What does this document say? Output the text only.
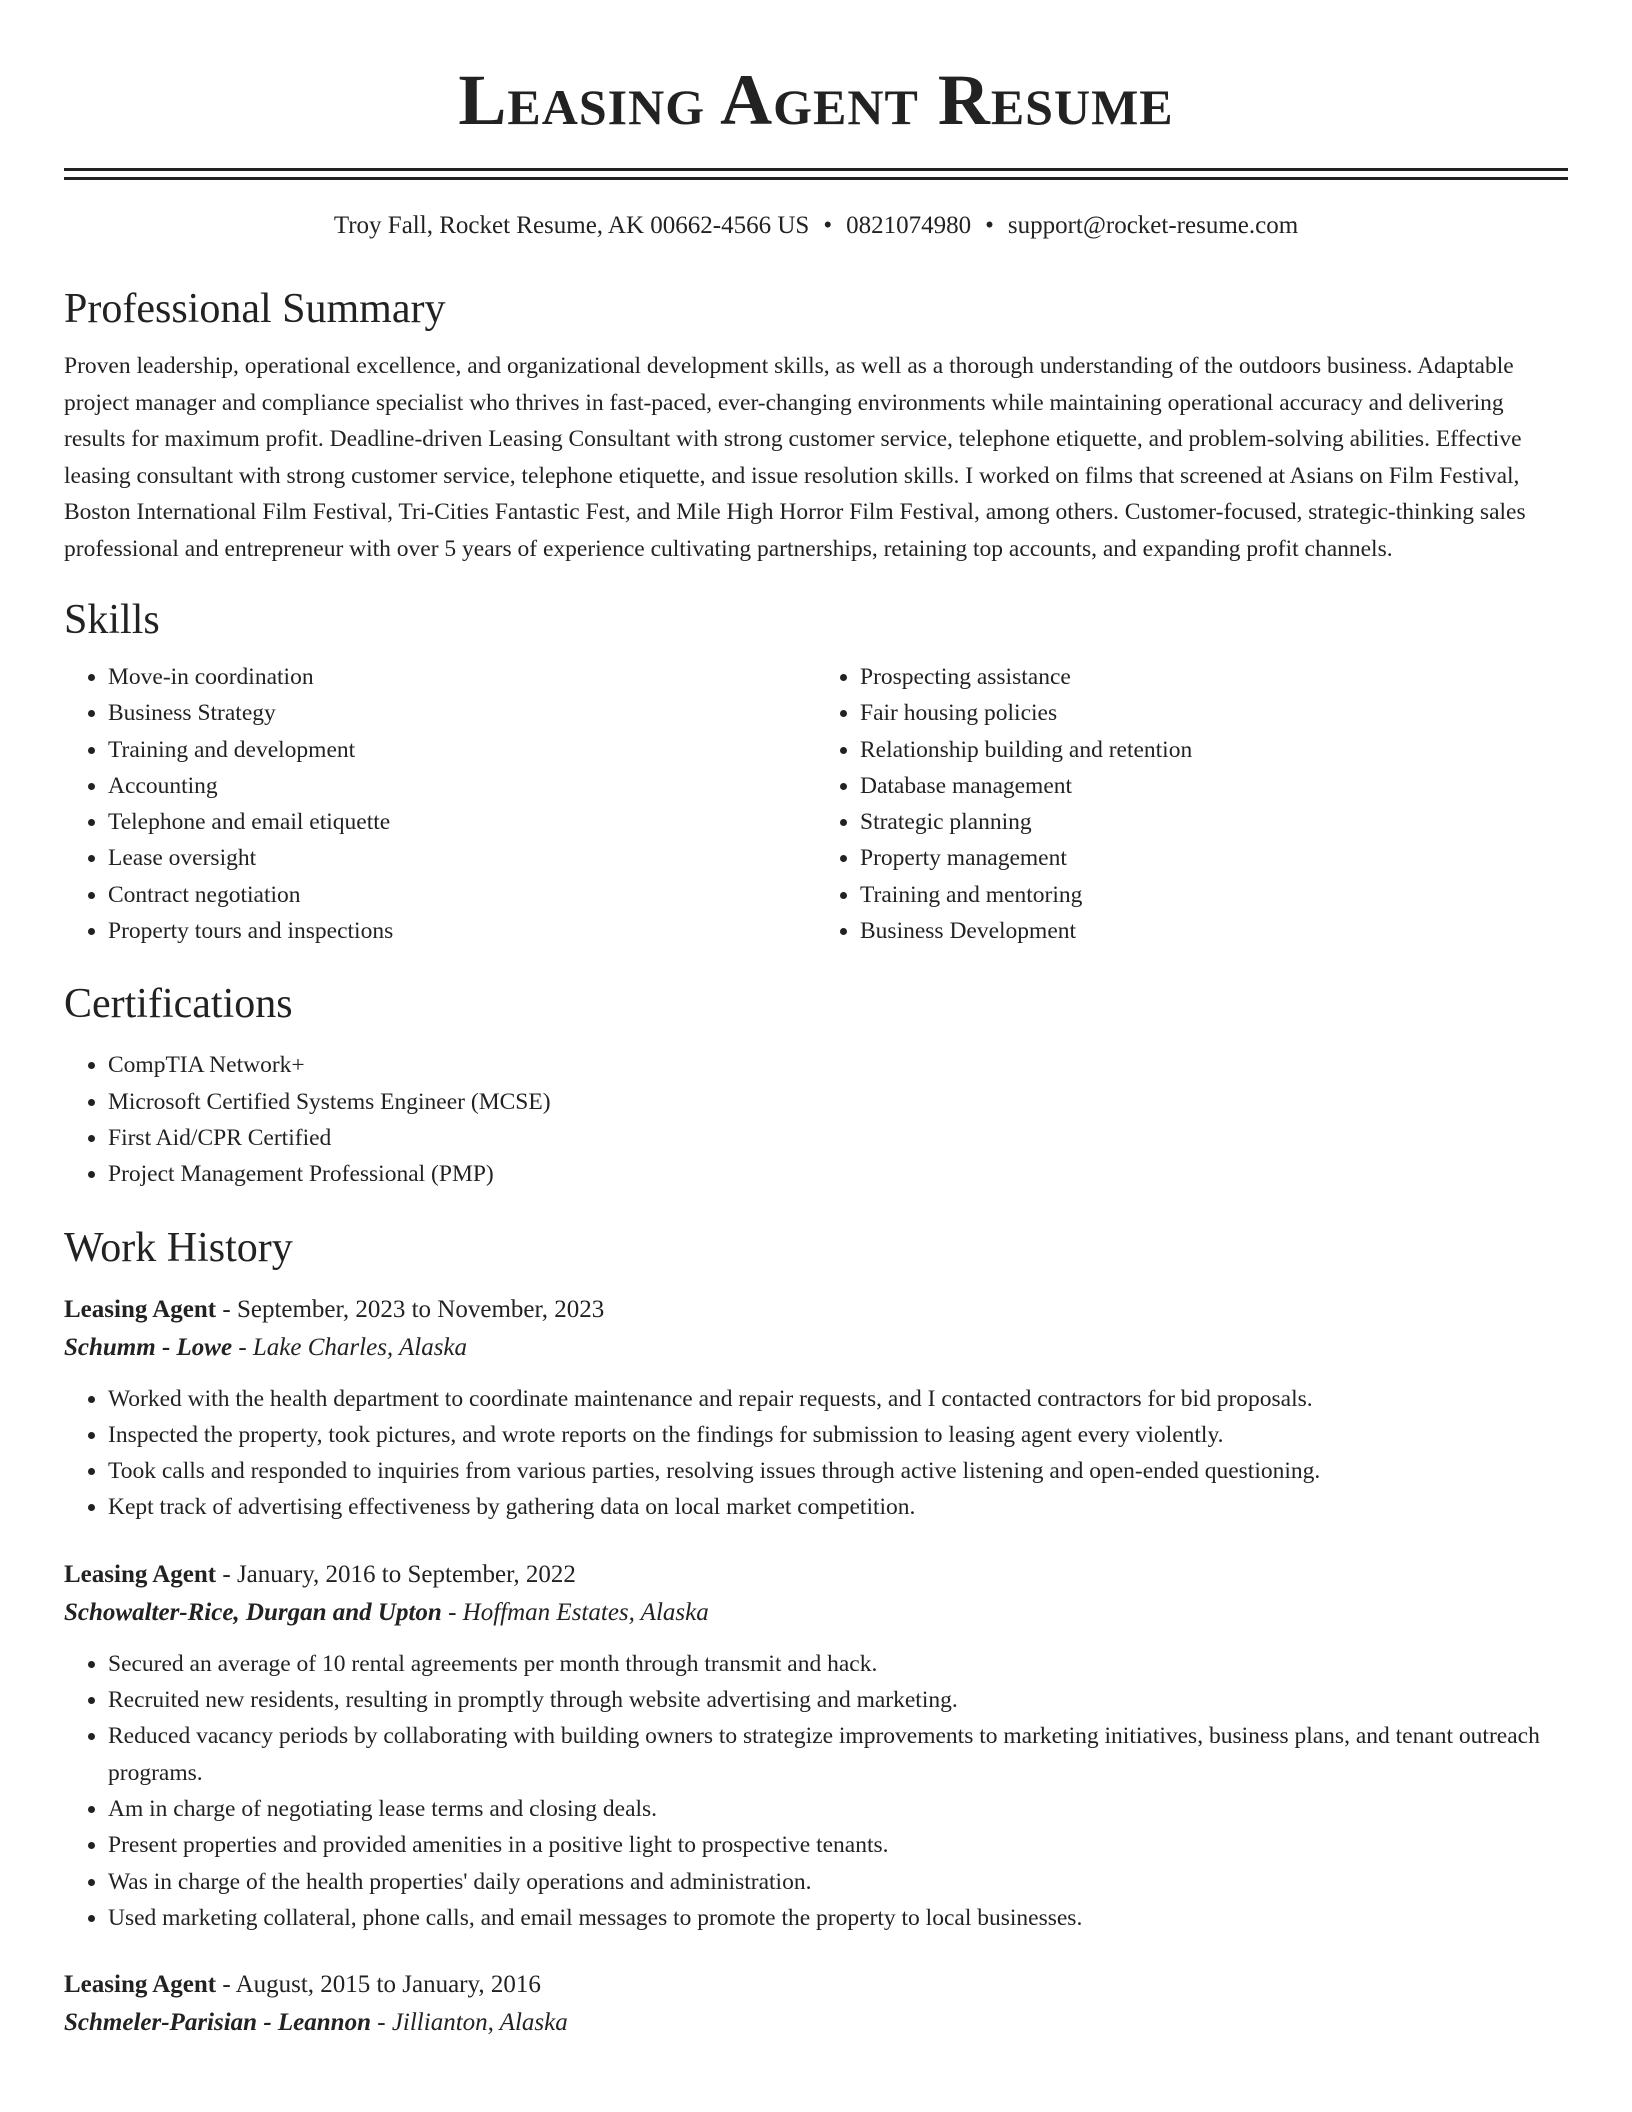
Leasing Agent Resume
Troy Fall, Rocket Resume, AK 00662-4566 US • 0821074980 • support@rocket-resume.com
Professional Summary

Proven leadership, operational excellence, and organizational development skills, as well as a thorough understanding of the outdoors business. Adaptable project manager and compliance specialist who thrives in fast-paced, ever-changing environments while maintaining operational accuracy and delivering results for maximum profit. Deadline-driven Leasing Consultant with strong customer service, telephone etiquette, and problem-solving abilities. Effective leasing consultant with strong customer service, telephone etiquette, and issue resolution skills. I worked on films that screened at Asians on Film Festival, Boston International Film Festival, Tri-Cities Fantastic Fest, and Mile High Horror Film Festival, among others. Customer-focused, strategic-thinking sales professional and entrepreneur with over 5 years of experience cultivating partnerships, retaining top accounts, and expanding profit channels.

Skills
• Move-in coordination
• Business Strategy
• Training and development
• Accounting
• Telephone and email etiquette
• Lease oversight
• Contract negotiation
• Property tours and inspections
• Prospecting assistance
• Fair housing policies
• Relationship building and retention
• Database management
• Strategic planning
• Property management
• Training and mentoring
• Business Development
Certifications
• CompTIA Network+
• Microsoft Certified Systems Engineer (MCSE)
• First Aid/CPR Certified
• Project Management Professional (PMP)
Work History
Leasing Agent - September, 2023 to November, 2023
Schumm - Lowe - Lake Charles, Alaska
• Worked with the health department to coordinate maintenance and repair requests, and I contacted contractors for bid proposals.
• Inspected the property, took pictures, and wrote reports on the findings for submission to leasing agent every violently.
• Took calls and responded to inquiries from various parties, resolving issues through active listening and open-ended questioning.
• Kept track of advertising effectiveness by gathering data on local market competition.
Leasing Agent - January, 2016 to September, 2022
Schowalter-Rice, Durgan and Upton - Hoffman Estates, Alaska
• Secured an average of 10 rental agreements per month through transmit and hack.
• Recruited new residents, resulting in promptly through website advertising and marketing.
• Reduced vacancy periods by collaborating with building owners to strategize improvements to marketing initiatives, business plans, and tenant outreach programs.
• Am in charge of negotiating lease terms and closing deals.
• Present properties and provided amenities in a positive light to prospective tenants.
• Was in charge of the health properties' daily operations and administration.
• Used marketing collateral, phone calls, and email messages to promote the property to local businesses.
Leasing Agent - August, 2015 to January, 2016
Schmeler-Parisian - Leannon - Jillianton, Alaska
